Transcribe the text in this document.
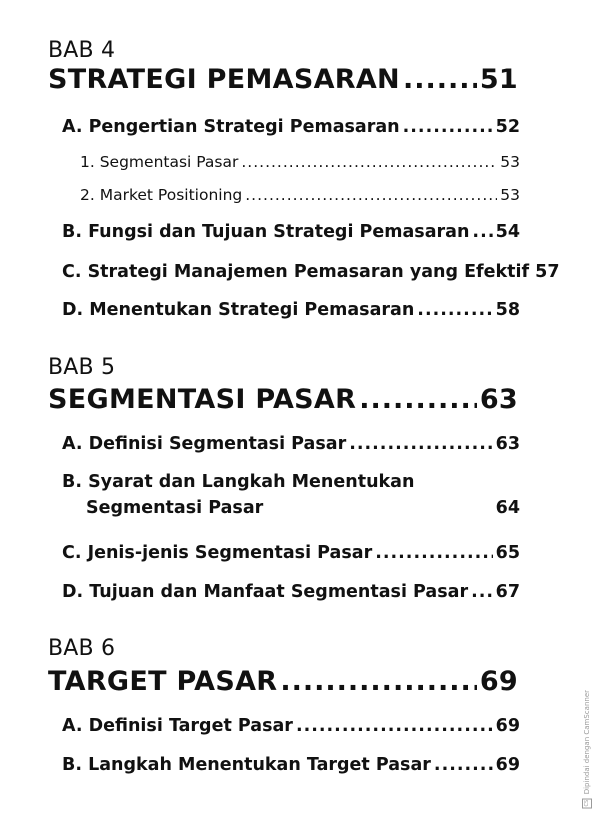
BAB 4
STRATEGI PEMASARAN .....	51
A. Pengertian Strategi Pemasaran .....	52
1. Segmentasi Pasar .....	53
2. Market Positioning .....	53
B. Fungsi dan Tujuan Strategi Pemasaran ..... 54
C. Strategi Manajemen Pemasaran yang Efektif 57
D. Menentukan Strategi Pemasaran .....	58
BAB 5
SEGMENTASI PASAR .....	63
A. Definisi Segmentasi Pasar .....	63
B. Syarat dan Langkah Menentukan
Segmentasi Pasar	64
C. Jenis-jenis Segmentasi Pasar .....	65
D. Tujuan dan Manfaat Segmentasi Pasar ..... 67
BAB 6
TARGET PASAR .....	69
A. Definisi Target Pasar .....	69
B. Langkah Menentukan Target Pasar .....	69
CS Dipindai dengan CamScanner
